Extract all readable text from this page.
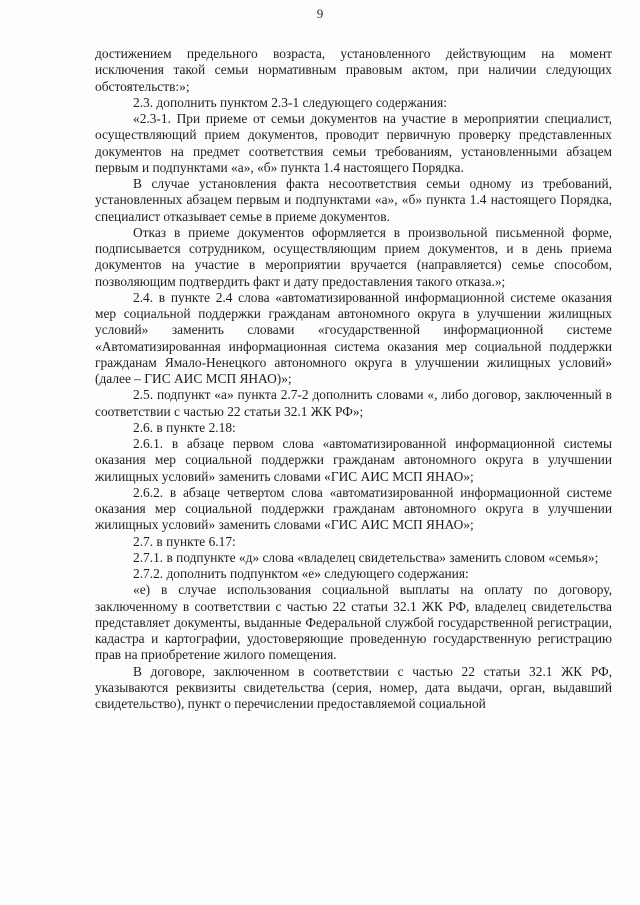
9

достижением предельного возраста, установленного действующим на момент исключения такой семьи нормативным правовым актом, при наличии следующих обстоятельств:»;

2.3. дополнить пунктом 2.3-1 следующего содержания:

«2.3-1. При приеме от семьи документов на участие в мероприятии специалист, осуществляющий прием документов, проводит первичную проверку представленных документов на предмет соответствия семьи требованиям, установленными абзацем первым и подпунктами «а», «б» пункта 1.4 настоящего Порядка.

В случае установления факта несоответствия семьи одному из требований, установленных абзацем первым и подпунктами «а», «б» пункта 1.4 настоящего Порядка, специалист отказывает семье в приеме документов.

Отказ в приеме документов оформляется в произвольной письменной форме, подписывается сотрудником, осуществляющим прием документов, и в день приема документов на участие в мероприятии вручается (направляется) семье способом, позволяющим подтвердить факт и дату предоставления такого отказа.»;

2.4. в пункте 2.4 слова «автоматизированной информационной системе оказания мер социальной поддержки гражданам автономного округа в улучшении жилищных условий» заменить словами «государственной информационной системе «Автоматизированная информационная система оказания мер социальной поддержки гражданам Ямало-Ненецкого автономного округа в улучшении жилищных условий» (далее – ГИС АИС МСП ЯНАО)»;

2.5. подпункт «а» пункта 2.7-2 дополнить словами «, либо договор, заключенный в соответствии с частью 22 статьи 32.1 ЖК РФ»;

2.6. в пункте 2.18:

2.6.1. в абзаце первом слова «автоматизированной информационной системы оказания мер социальной поддержки гражданам автономного округа в улучшении жилищных условий» заменить словами «ГИС АИС МСП ЯНАО»;

2.6.2. в абзаце четвертом слова «автоматизированной информационной системе оказания мер социальной поддержки гражданам автономного округа в улучшении жилищных условий» заменить словами «ГИС АИС МСП ЯНАО»;

2.7. в пункте 6.17:

2.7.1. в подпункте «д» слова «владелец свидетельства» заменить словом «семья»;

2.7.2. дополнить подпунктом «е» следующего содержания:

«е) в случае использования социальной выплаты на оплату по договору, заключенному в соответствии с частью 22 статьи 32.1 ЖК РФ, владелец свидетельства представляет документы, выданные Федеральной службой государственной регистрации, кадастра и картографии, удостоверяющие проведенную государственную регистрацию прав на приобретение жилого помещения.

В договоре, заключенном в соответствии с частью 22 статьи 32.1 ЖК РФ, указываются реквизиты свидетельства (серия, номер, дата выдачи, орган, выдавший свидетельство), пункт о перечислении предоставляемой социальной
